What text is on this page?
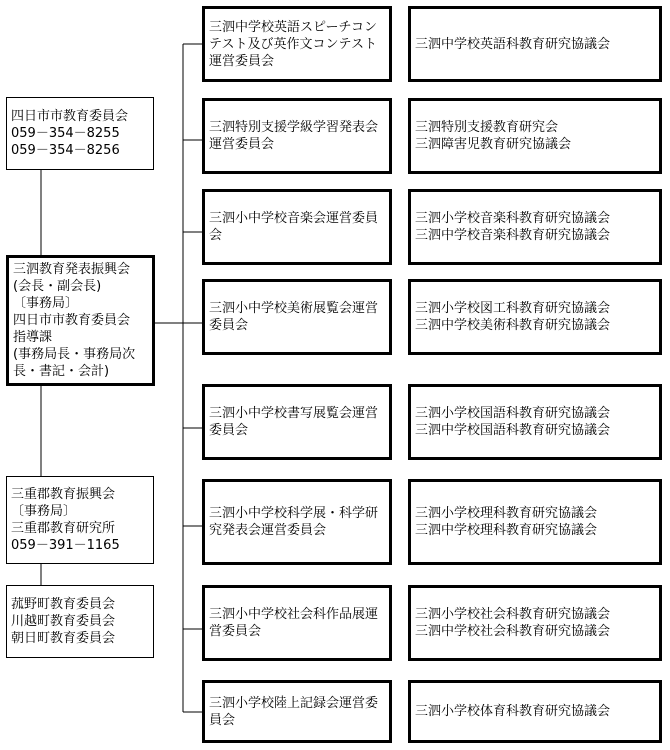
四日市市教育委員会
059－354－8255
059－354－8256
三泗教育発表振興会
(会長・副会長)
〔事務局〕
四日市市教育委員会
指導課
(事務局長・事務局次
長・書記・会計)
三重郡教育振興会
〔事務局〕
三重郡教育研究所
059－391－1165
菰野町教育委員会
川越町教育委員会
朝日町教育委員会
三泗中学校英語スピーチコンテスト及び英作文コンテスト運営委員会
三泗特別支援学級学習発表会運営委員会
三泗小中学校音楽会運営委員会
三泗小中学校美術展覧会運営委員会
三泗小中学校書写展覧会運営委員会
三泗小中学校科学展・科学研究発表会運営委員会
三泗小中学校社会科作品展運営委員会
三泗小学校陸上記録会運営委員会
三泗中学校英語科教育研究協議会
三泗特別支援教育研究会
三泗障害児教育研究協議会
三泗小学校音楽科教育研究協議会
三泗中学校音楽科教育研究協議会
三泗小学校図工科教育研究協議会
三泗中学校美術科教育研究協議会
三泗小学校国語科教育研究協議会
三泗中学校国語科教育研究協議会
三泗小学校理科教育研究協議会
三泗中学校理科教育研究協議会
三泗小学校社会科教育研究協議会
三泗中学校社会科教育研究協議会
三泗小学校体育科教育研究協議会
